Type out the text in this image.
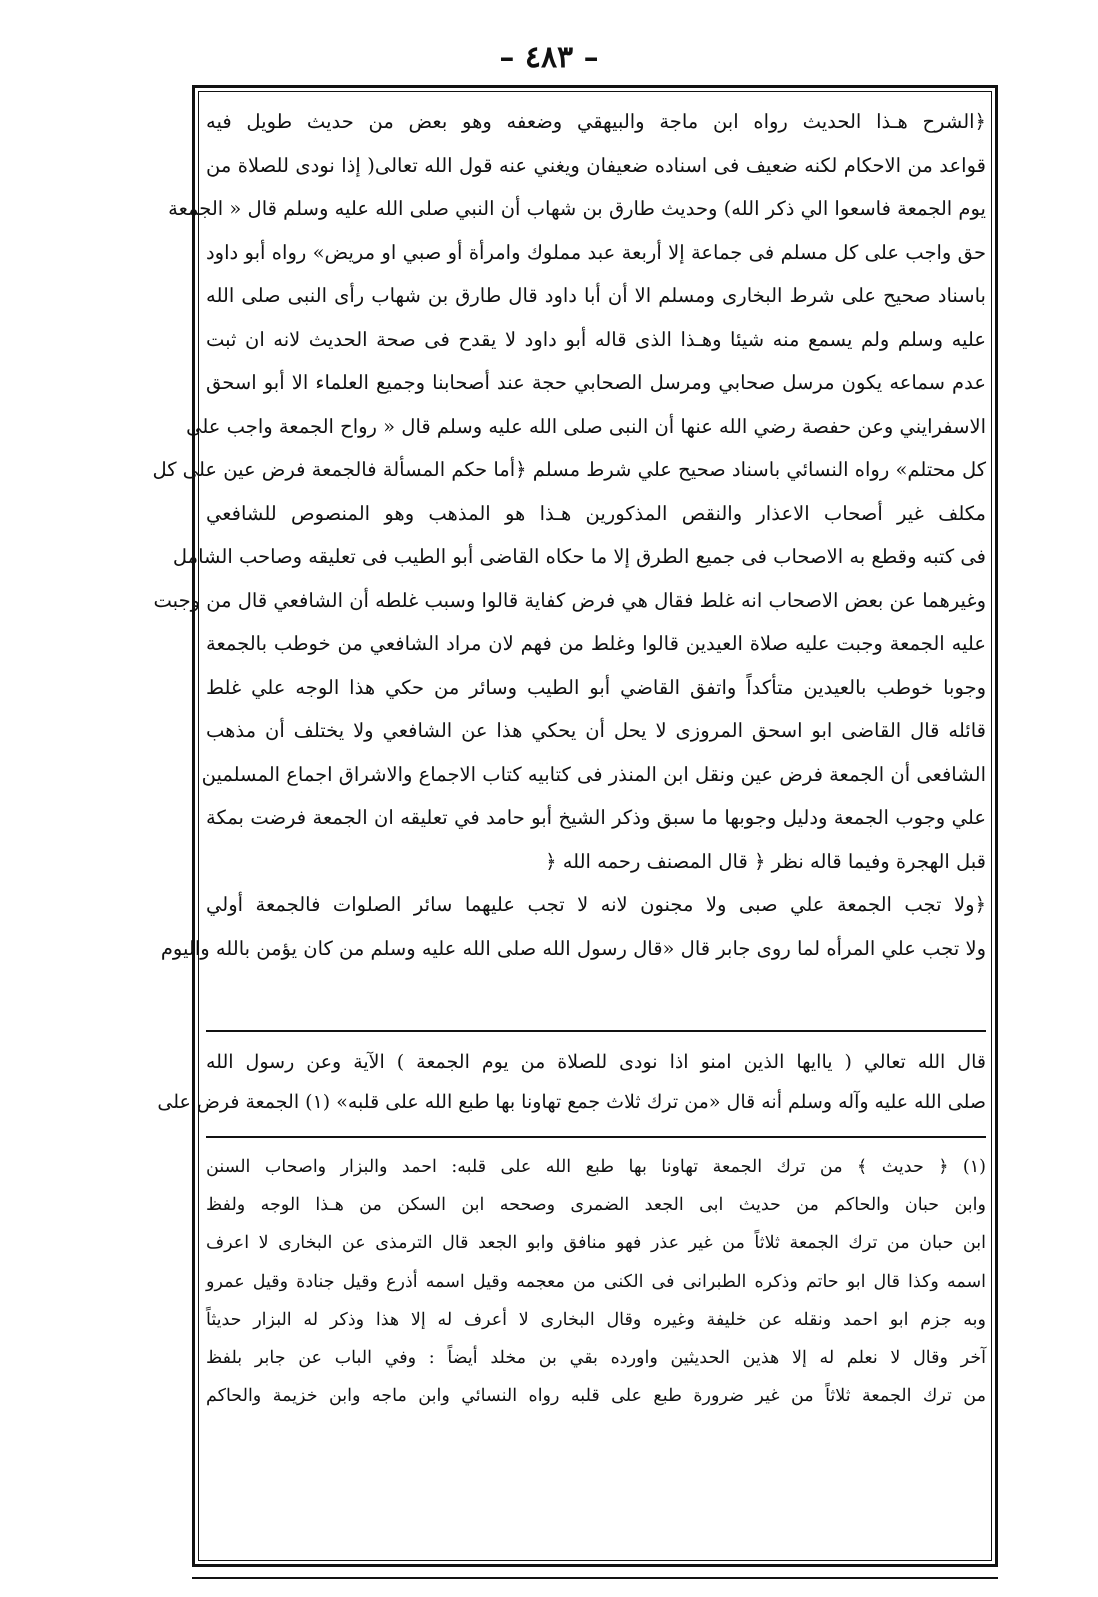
– ٤٨٣ –
﴿الشرح هـذا الحديث رواه ابن ماجة والبيهقي وضعفه وهو بعض من حديث طويل فيه
قواعد من الاحكام لكنه ضعيف فى اسناده ضعيفان ويغني عنه قول الله تعالى( إذا نودى للصلاة من
يوم الجمعة فاسعوا الي ذكر الله) وحديث طارق بن شهاب أن النبي صلى الله عليه وسلم قال « الجمعة
حق واجب على كل مسلم فى جماعة إلا أربعة عبد مملوك وامرأة أو صبي او مريض» رواه أبو داود
باسناد صحيح على شرط البخارى ومسلم الا أن أبا داود قال طارق بن شهاب رأى النبى صلى الله
عليه وسلم ولم يسمع منه شيئا وهـذا الذى قاله أبو داود لا يقدح فى صحة الحديث لانه ان ثبت
عدم سماعه يكون مرسل صحابي ومرسل الصحابي حجة عند أصحابنا وجميع العلماء الا أبو اسحق
الاسفرايني وعن حفصة رضي الله عنها أن النبى صلى الله عليه وسلم قال « رواح الجمعة واجب على
كل محتلم» رواه النسائي باسناد صحيح علي شرط مسلم ﴿أما حكم المسألة فالجمعة فرض عين على كل
مكلف غير أصحاب الاعذار والنقص المذكورين هـذا هو المذهب وهو المنصوص للشافعي
فى كتبه وقطع به الاصحاب فى جميع الطرق إلا ما حكاه القاضى أبو الطيب فى تعليقه وصاحب الشامل
وغيرهما عن بعض الاصحاب انه غلط فقال هي فرض كفاية قالوا وسبب غلطه أن الشافعي قال من وجبت
عليه الجمعة وجبت عليه صلاة العيدين قالوا وغلط من فهم لان مراد الشافعي من خوطب بالجمعة
وجوبا خوطب بالعيدين متأكداً واتفق القاضي أبو الطيب وسائر من حكي هذا الوجه علي غلط
قائله قال القاضى ابو اسحق المروزى لا يحل أن يحكي هذا عن الشافعي ولا يختلف أن مذهب
الشافعى أن الجمعة فرض عين ونقل ابن المنذر فى كتابيه كتاب الاجماع والاشراق اجماع المسلمين
علي وجوب الجمعة ودليل وجوبها ما سبق وذكر الشيخ أبو حامد في تعليقه ان الجمعة فرضت بمكة
قبل الهجرة وفيما قاله نظر ﴿ قال المصنف رحمه الله ﴿
﴿ولا تجب الجمعة علي صبى ولا مجنون لانه لا تجب عليهما سائر الصلوات فالجمعة أولي
ولا تجب علي المرأه لما روى جابر قال «قال رسول الله صلى الله عليه وسلم من كان يؤمن بالله واليوم
قال الله تعالي ( ياايها الذين امنو اذا نودى للصلاة من يوم الجمعة ) الآية وعن رسول الله
صلى الله عليه وآله وسلم أنه قال «من ترك ثلاث جمع تهاونا بها طبع الله على قلبه» (١) الجمعة فرض على
(١) ﴿ حديث ﴾ من ترك الجمعة تهاونا بها طبع الله على قلبه: احمد والبزار واصحاب السنن
وابن حبان والحاكم من حديث ابى الجعد الضمرى وصححه ابن السكن من هـذا الوجه ولفظ
ابن حبان من ترك الجمعة ثلاثاً من غير عذر فهو منافق وابو الجعد قال الترمذى عن البخارى لا اعرف
اسمه وكذا قال ابو حاتم وذكره الطبرانى فى الكنى من معجمه وقيل اسمه أذرع وقيل جنادة وقيل عمرو
وبه جزم ابو احمد ونقله عن خليفة وغيره وقال البخارى لا أعرف له إلا هذا وذكر له البزار حديثاً
آخر وقال لا نعلم له إلا هذين الحديثين واورده بقي بن مخلد أيضاً : وفي الباب عن جابر بلفظ
من ترك الجمعة ثلاثاً من غير ضرورة طبع على قلبه رواه النسائي وابن ماجه وابن خزيمة والحاكم
